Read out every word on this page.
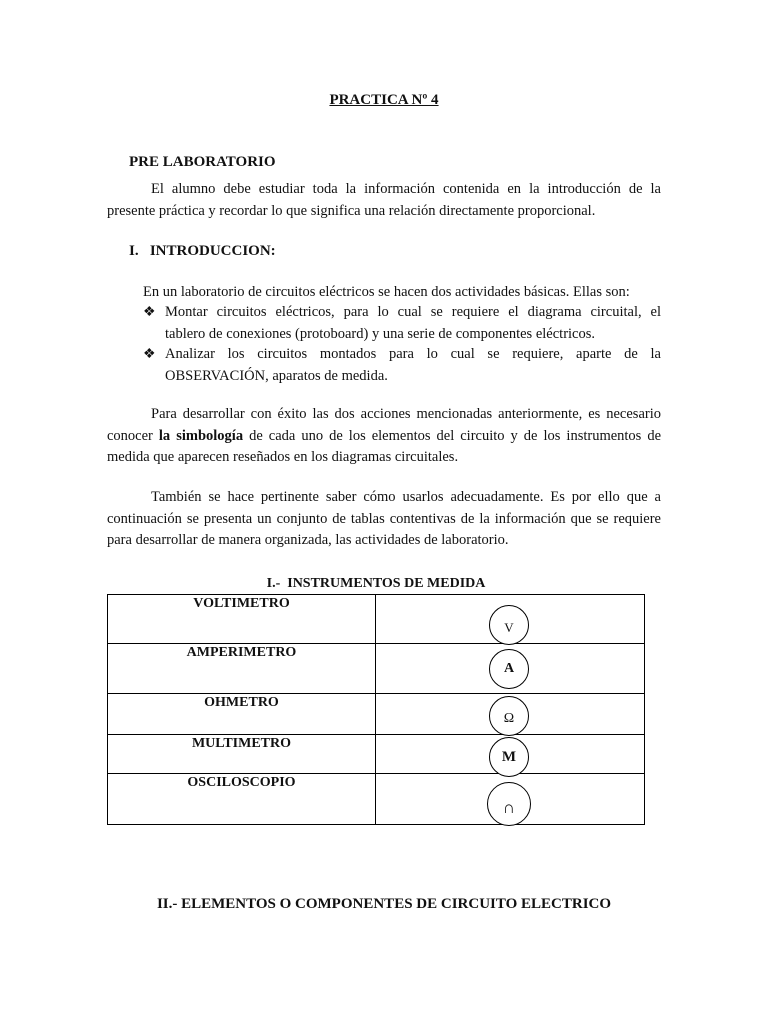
PRACTICA Nº 4
PRE LABORATORIO
El alumno debe estudiar toda la información contenida en la introducción de la
presente práctica y recordar lo que significa una relación directamente proporcional.
I.   INTRODUCCION:
En un laboratorio de circuitos eléctricos se hacen dos actividades básicas. Ellas son:
❖ Montar circuitos eléctricos, para lo cual se requiere el diagrama circuital, el
tablero de conexiones (protoboard) y una serie de componentes eléctricos.
❖ Analizar los circuitos montados para lo cual se requiere, aparte de la
OBSERVACIÓN, aparatos de medida.
Para desarrollar con éxito las dos acciones mencionadas anteriormente, es necesario
conocer la simbología de cada uno de los elementos del circuito y de los instrumentos de
medida que aparecen reseñados en los diagramas circuitales.
También se hace pertinente saber cómo usarlos adecuadamente. Es por ello que a
continuación se presenta un conjunto de tablas contentivas de la información que se requiere
para desarrollar de manera organizada, las actividades de laboratorio.
I.-  INSTRUMENTOS DE MEDIDA
VOLTIMETRO	V

AMPERIMETRO	A

OHMETRO	Ω

MULTIMETRO	M

OSCILOSCOPIO	∩
II.- ELEMENTOS O COMPONENTES DE CIRCUITO ELECTRICO
